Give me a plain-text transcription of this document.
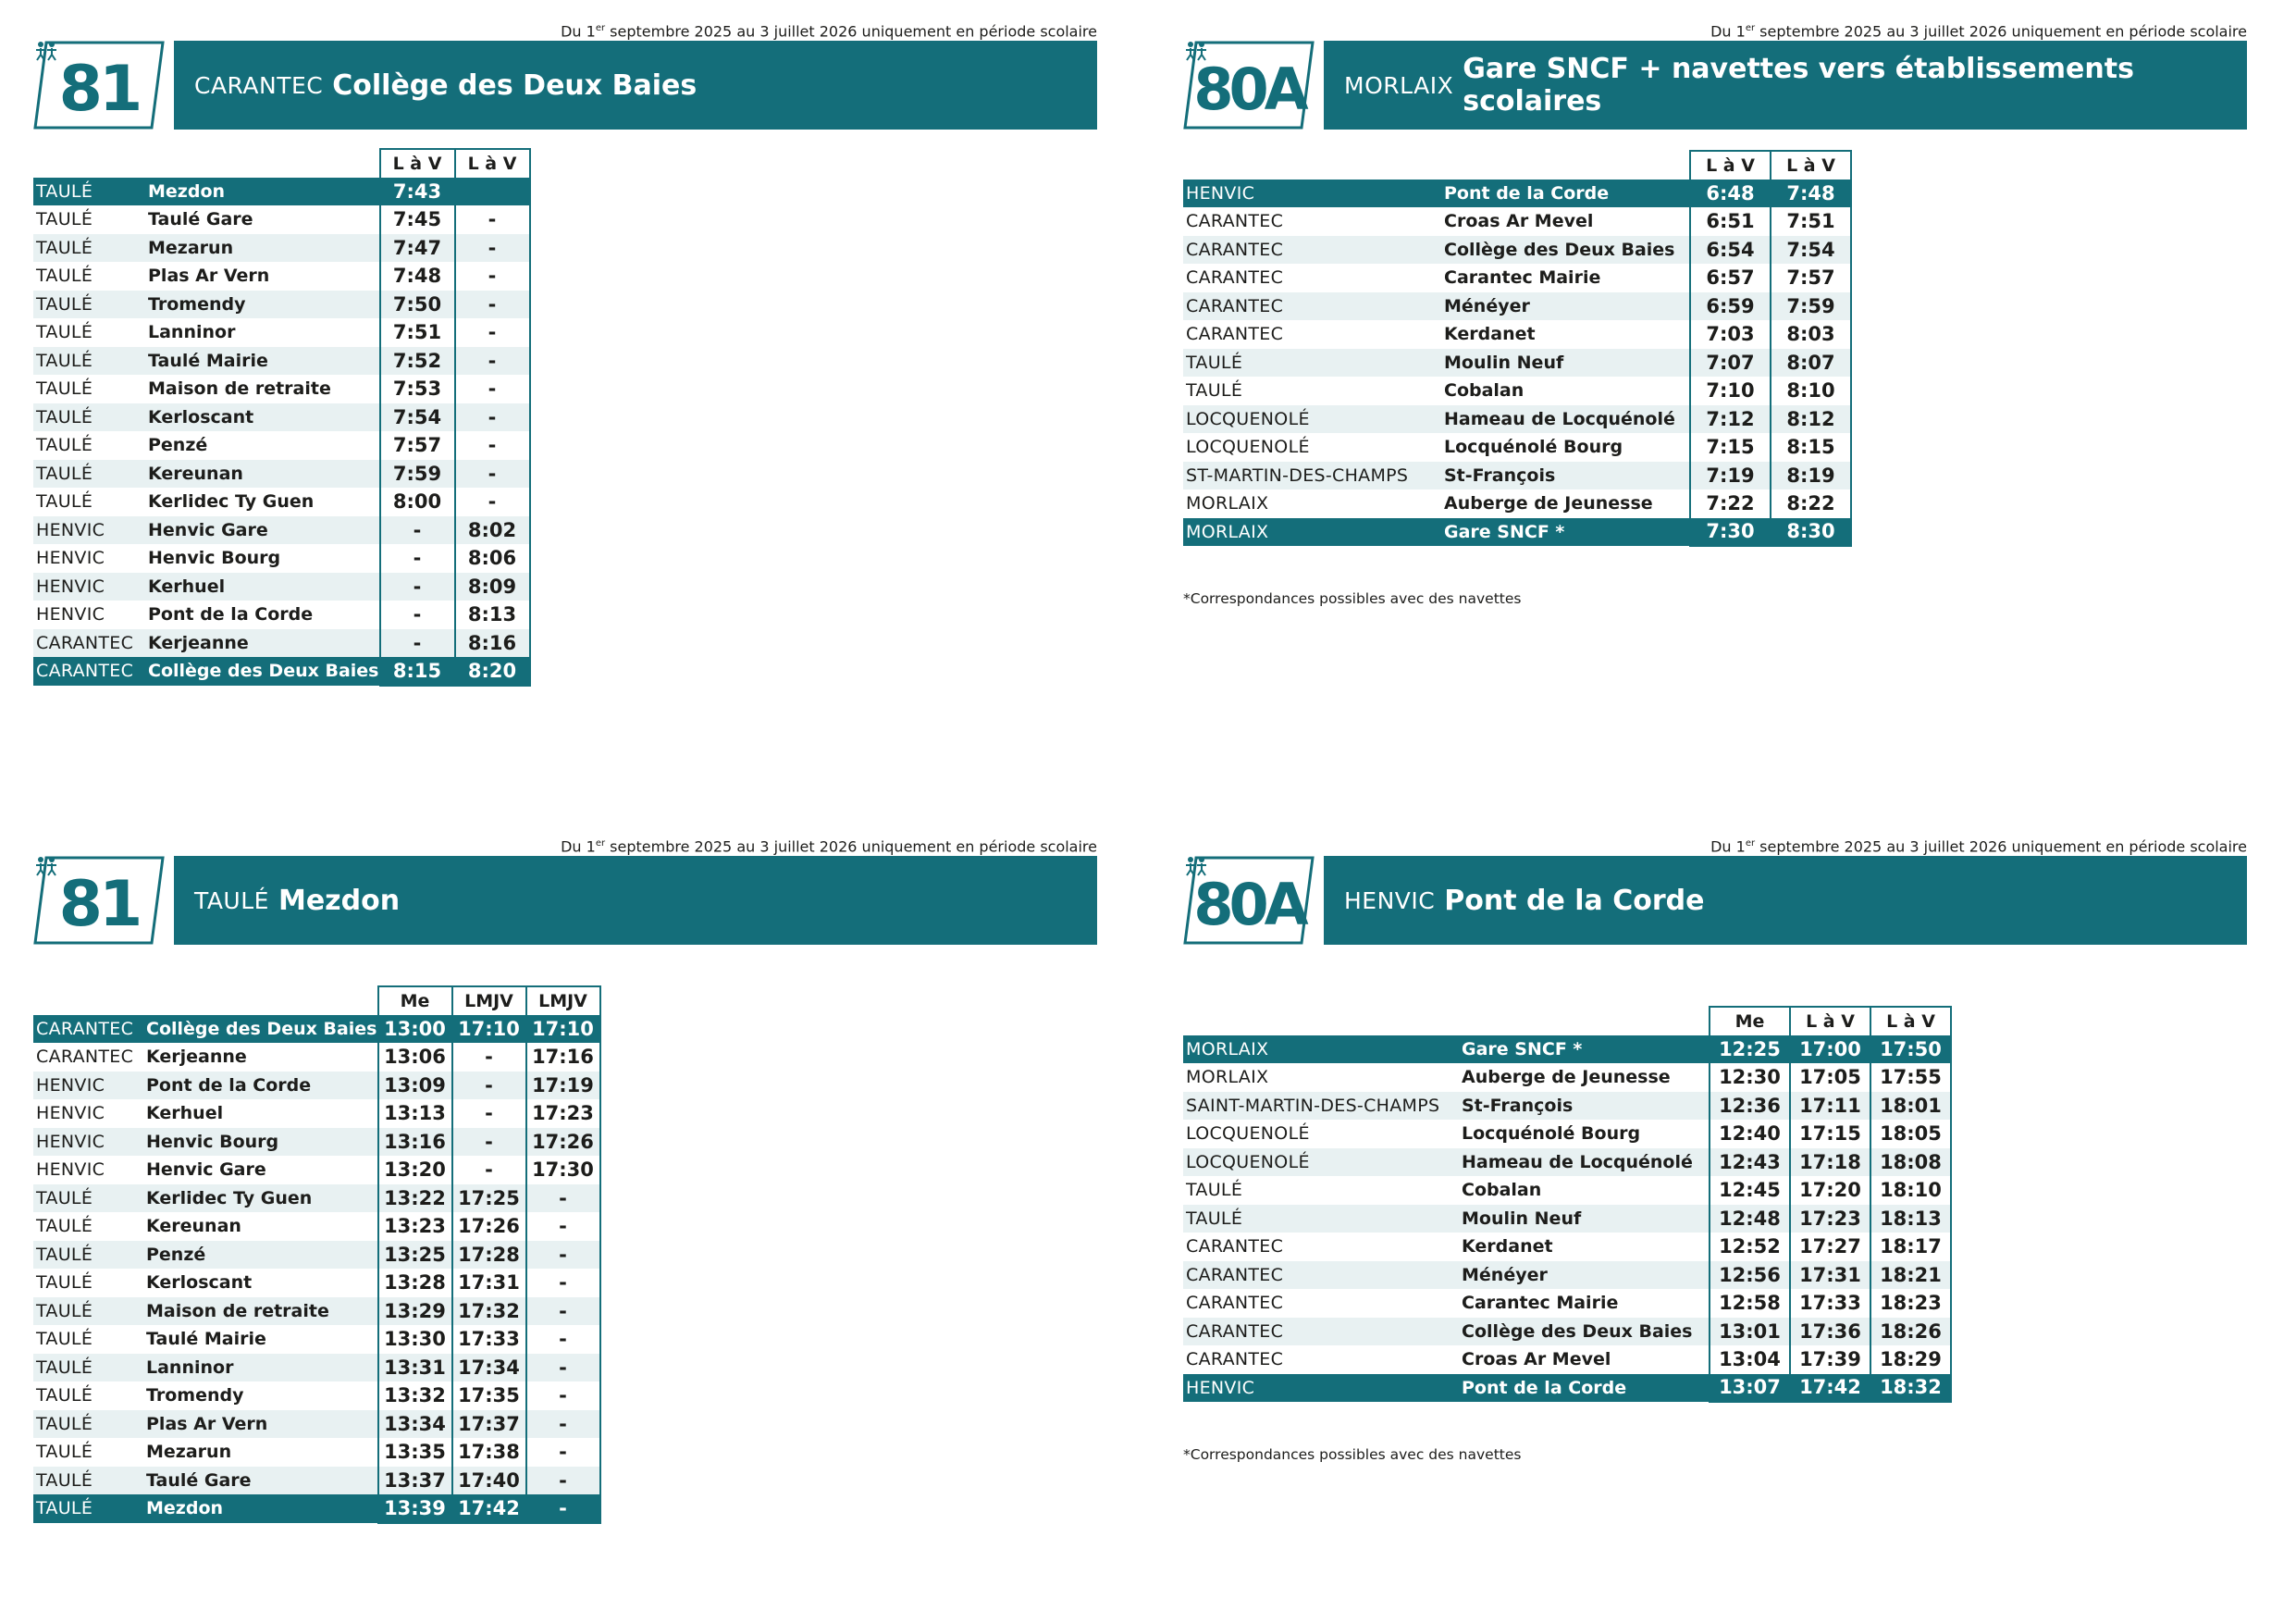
Du 1er septembre 2025 au 3 juillet 2026 uniquement en période scolaire
81	CARANTEC Collège des Deux Baies
		L à V	L à V
TAULÉ	Mezdon	7:43	
TAULÉ	Taulé Gare	7:45	-
TAULÉ	Mezarun	7:47	-
TAULÉ	Plas Ar Vern	7:48	-
TAULÉ	Tromendy	7:50	-
TAULÉ	Lanninor	7:51	-
TAULÉ	Taulé Mairie	7:52	-
TAULÉ	Maison de retraite	7:53	-
TAULÉ	Kerloscant	7:54	-
TAULÉ	Penzé	7:57	-
TAULÉ	Kereunan	7:59	-
TAULÉ	Kerlidec Ty Guen	8:00	-
HENVIC	Henvic Gare	-	8:02
HENVIC	Henvic Bourg	-	8:06
HENVIC	Kerhuel	-	8:09
HENVIC	Pont de la Corde	-	8:13
CARANTEC	Kerjeanne	-	8:16
CARANTEC	Collège des Deux Baies	8:15	8:20
Du 1er septembre 2025 au 3 juillet 2026 uniquement en période scolaire
80A	MORLAIX Gare SNCF + navettes vers établissements scolaires
		L à V	L à V
HENVIC	Pont de la Corde	6:48	7:48
CARANTEC	Croas Ar Mevel	6:51	7:51
CARANTEC	Collège des Deux Baies	6:54	7:54
CARANTEC	Carantec Mairie	6:57	7:57
CARANTEC	Ménéyer	6:59	7:59
CARANTEC	Kerdanet	7:03	8:03
TAULÉ	Moulin Neuf	7:07	8:07
TAULÉ	Cobalan	7:10	8:10
LOCQUENOLÉ	Hameau de Locquénolé	7:12	8:12
LOCQUENOLÉ	Locquénolé Bourg	7:15	8:15
ST-MARTIN-DES-CHAMPS	St-François	7:19	8:19
MORLAIX	Auberge de Jeunesse	7:22	8:22
MORLAIX	Gare SNCF *	7:30	8:30
*Correspondances possibles avec des navettes
Du 1er septembre 2025 au 3 juillet 2026 uniquement en période scolaire
81	TAULÉ Mezdon
		Me	LMJV	LMJV
CARANTEC	Collège des Deux Baies	13:00	17:10	17:10
CARANTEC	Kerjeanne	13:06	-	17:16
HENVIC	Pont de la Corde	13:09	-	17:19
HENVIC	Kerhuel	13:13	-	17:23
HENVIC	Henvic Bourg	13:16	-	17:26
HENVIC	Henvic Gare	13:20	-	17:30
TAULÉ	Kerlidec Ty Guen	13:22	17:25	-
TAULÉ	Kereunan	13:23	17:26	-
TAULÉ	Penzé	13:25	17:28	-
TAULÉ	Kerloscant	13:28	17:31	-
TAULÉ	Maison de retraite	13:29	17:32	-
TAULÉ	Taulé Mairie	13:30	17:33	-
TAULÉ	Lanninor	13:31	17:34	-
TAULÉ	Tromendy	13:32	17:35	-
TAULÉ	Plas Ar Vern	13:34	17:37	-
TAULÉ	Mezarun	13:35	17:38	-
TAULÉ	Taulé Gare	13:37	17:40	-
TAULÉ	Mezdon	13:39	17:42	-
Du 1er septembre 2025 au 3 juillet 2026 uniquement en période scolaire
80A	HENVIC Pont de la Corde
		Me	L à V	L à V
MORLAIX	Gare SNCF *	12:25	17:00	17:50
MORLAIX	Auberge de Jeunesse	12:30	17:05	17:55
SAINT-MARTIN-DES-CHAMPS	St-François	12:36	17:11	18:01
LOCQUENOLÉ	Locquénolé Bourg	12:40	17:15	18:05
LOCQUENOLÉ	Hameau de Locquénolé	12:43	17:18	18:08
TAULÉ	Cobalan	12:45	17:20	18:10
TAULÉ	Moulin Neuf	12:48	17:23	18:13
CARANTEC	Kerdanet	12:52	17:27	18:17
CARANTEC	Ménéyer	12:56	17:31	18:21
CARANTEC	Carantec Mairie	12:58	17:33	18:23
CARANTEC	Collège des Deux Baies	13:01	17:36	18:26
CARANTEC	Croas Ar Mevel	13:04	17:39	18:29
HENVIC	Pont de la Corde	13:07	17:42	18:32
*Correspondances possibles avec des navettes
